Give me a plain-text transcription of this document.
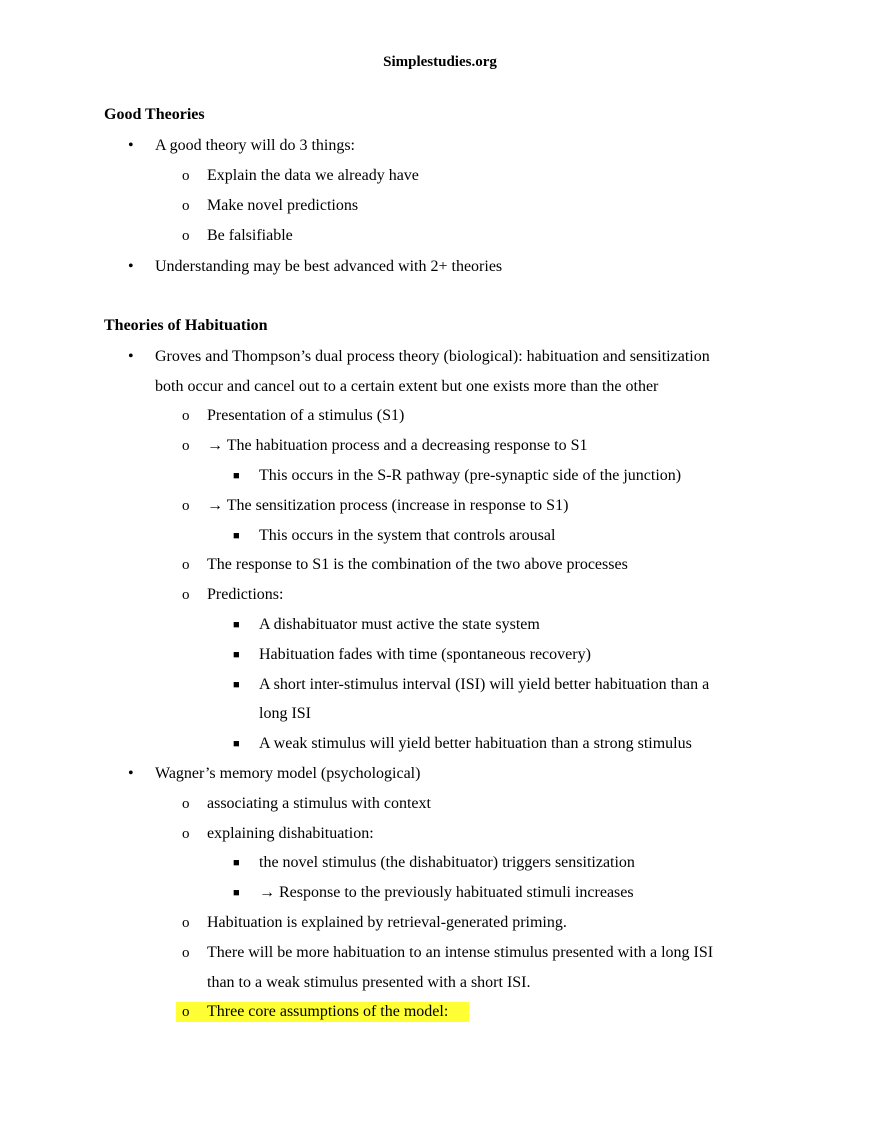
Simplestudies.org
Good Theories
• A good theory will do 3 things:
o Explain the data we already have
o Make novel predictions
o Be falsifiable
• Understanding may be best advanced with 2+ theories
Theories of Habituation
• Groves and Thompson’s dual process theory (biological): habituation and sensitization
both occur and cancel out to a certain extent but one exists more than the other
o Presentation of a stimulus (S1)
o → The habituation process and a decreasing response to S1
■ This occurs in the S-R pathway (pre-synaptic side of the junction)
o → The sensitization process (increase in response to S1)
■ This occurs in the system that controls arousal
o The response to S1 is the combination of the two above processes
o Predictions:
■ A dishabituator must active the state system
■ Habituation fades with time (spontaneous recovery)
■ A short inter-stimulus interval (ISI) will yield better habituation than a
long ISI
■ A weak stimulus will yield better habituation than a strong stimulus
• Wagner’s memory model (psychological)
o associating a stimulus with context
o explaining dishabituation:
■ the novel stimulus (the dishabituator) triggers sensitization
■ → Response to the previously habituated stimuli increases
o Habituation is explained by retrieval-generated priming.
o There will be more habituation to an intense stimulus presented with a long ISI
than to a weak stimulus presented with a short ISI.
o Three core assumptions of the model:
